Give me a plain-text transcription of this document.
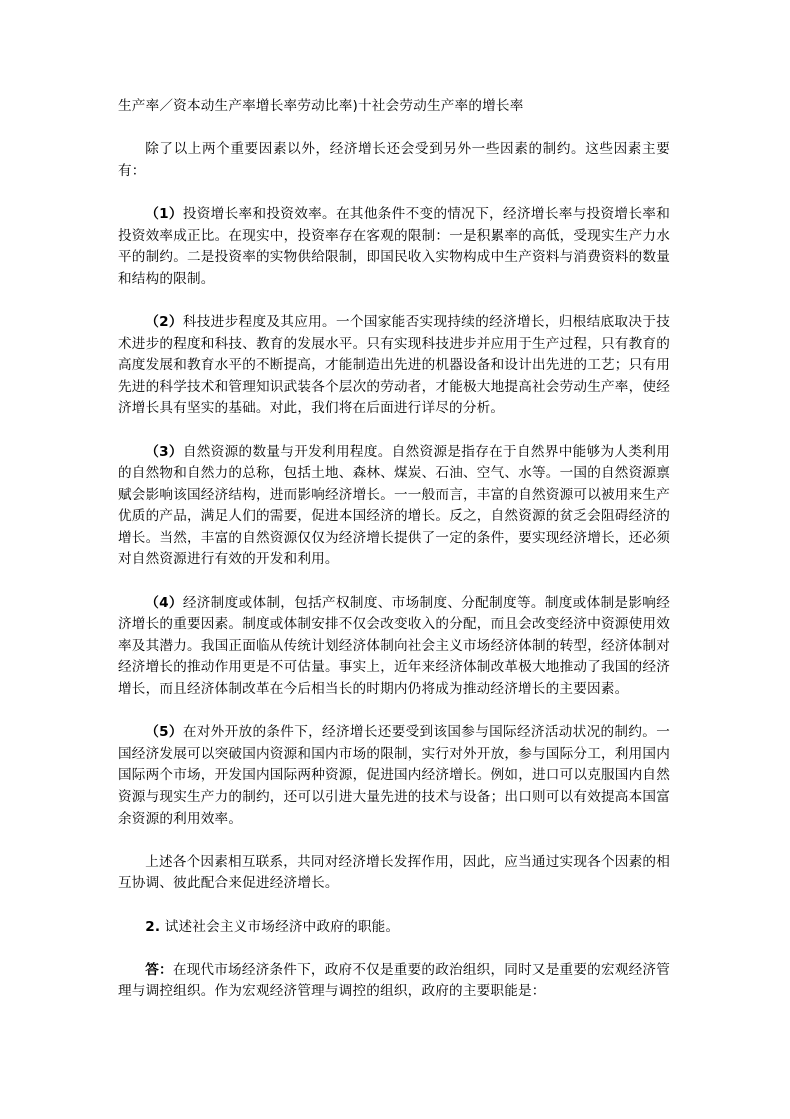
生产率／资本动生产率增长率劳动比率)十社会劳动生产率的增长率

除了以上两个重要因素以外，经济增长还会受到另外一些因素的制约。这些因素主要有：

（1）投资增长率和投资效率。在其他条件不变的情况下，经济增长率与投资增长率和投资效率成正比。在现实中，投资率存在客观的限制：一是积累率的高低，受现实生产力水平的制约。二是投资率的实物供给限制，即国民收入实物构成中生产资料与消费资料的数量和结构的限制。

（2）科技进步程度及其应用。一个国家能否实现持续的经济增长，归根结底取决于技术进步的程度和科技、教育的发展水平。只有实现科技进步并应用于生产过程，只有教育的高度发展和教育水平的不断提高，才能制造出先进的机器设备和设计出先进的工艺；只有用先进的科学技术和管理知识武装各个层次的劳动者，才能极大地提高社会劳动生产率，使经济增长具有坚实的基础。对此，我们将在后面进行详尽的分析。

（3）自然资源的数量与开发利用程度。自然资源是指存在于自然界中能够为人类利用的自然物和自然力的总称，包括土地、森林、煤炭、石油、空气、水等。一国的自然资源禀赋会影响该国经济结构，进而影响经济增长。一一般而言，丰富的自然资源可以被用来生产优质的产品，满足人们的需要，促进本国经济的增长。反之，自然资源的贫乏会阻碍经济的增长。当然，丰富的自然资源仅仅为经济增长提供了一定的条件，要实现经济增长，还必须对自然资源进行有效的开发和利用。

（4）经济制度或体制，包括产权制度、市场制度、分配制度等。制度或体制是影响经济增长的重要因素。制度或体制安排不仅会改变收入的分配，而且会改变经济中资源使用效率及其潜力。我国正面临从传统计划经济体制向社会主义市场经济体制的转型，经济体制对经济增长的推动作用更是不可估量。事实上，近年来经济体制改革极大地推动了我国的经济增长，而且经济体制改革在今后相当长的时期内仍将成为推动经济增长的主要因素。

（5）在对外开放的条件下，经济增长还要受到该国参与国际经济活动状况的制约。一国经济发展可以突破国内资源和国内市场的限制，实行对外开放，参与国际分工，利用国内国际两个市场，开发国内国际两种资源，促进国内经济增长。例如，进口可以克服国内自然资源与现实生产力的制约，还可以引进大量先进的技术与设备；出口则可以有效提高本国富余资源的利用效率。

上述各个因素相互联系，共同对经济增长发挥作用，因此，应当通过实现各个因素的相互协调、彼此配合来促进经济增长。

2. 试述社会主义市场经济中政府的职能。

答：在现代市场经济条件下，政府不仅是重要的政治组织，同时又是重要的宏观经济管理与调控组织。作为宏观经济管理与调控的组织，政府的主要职能是：
